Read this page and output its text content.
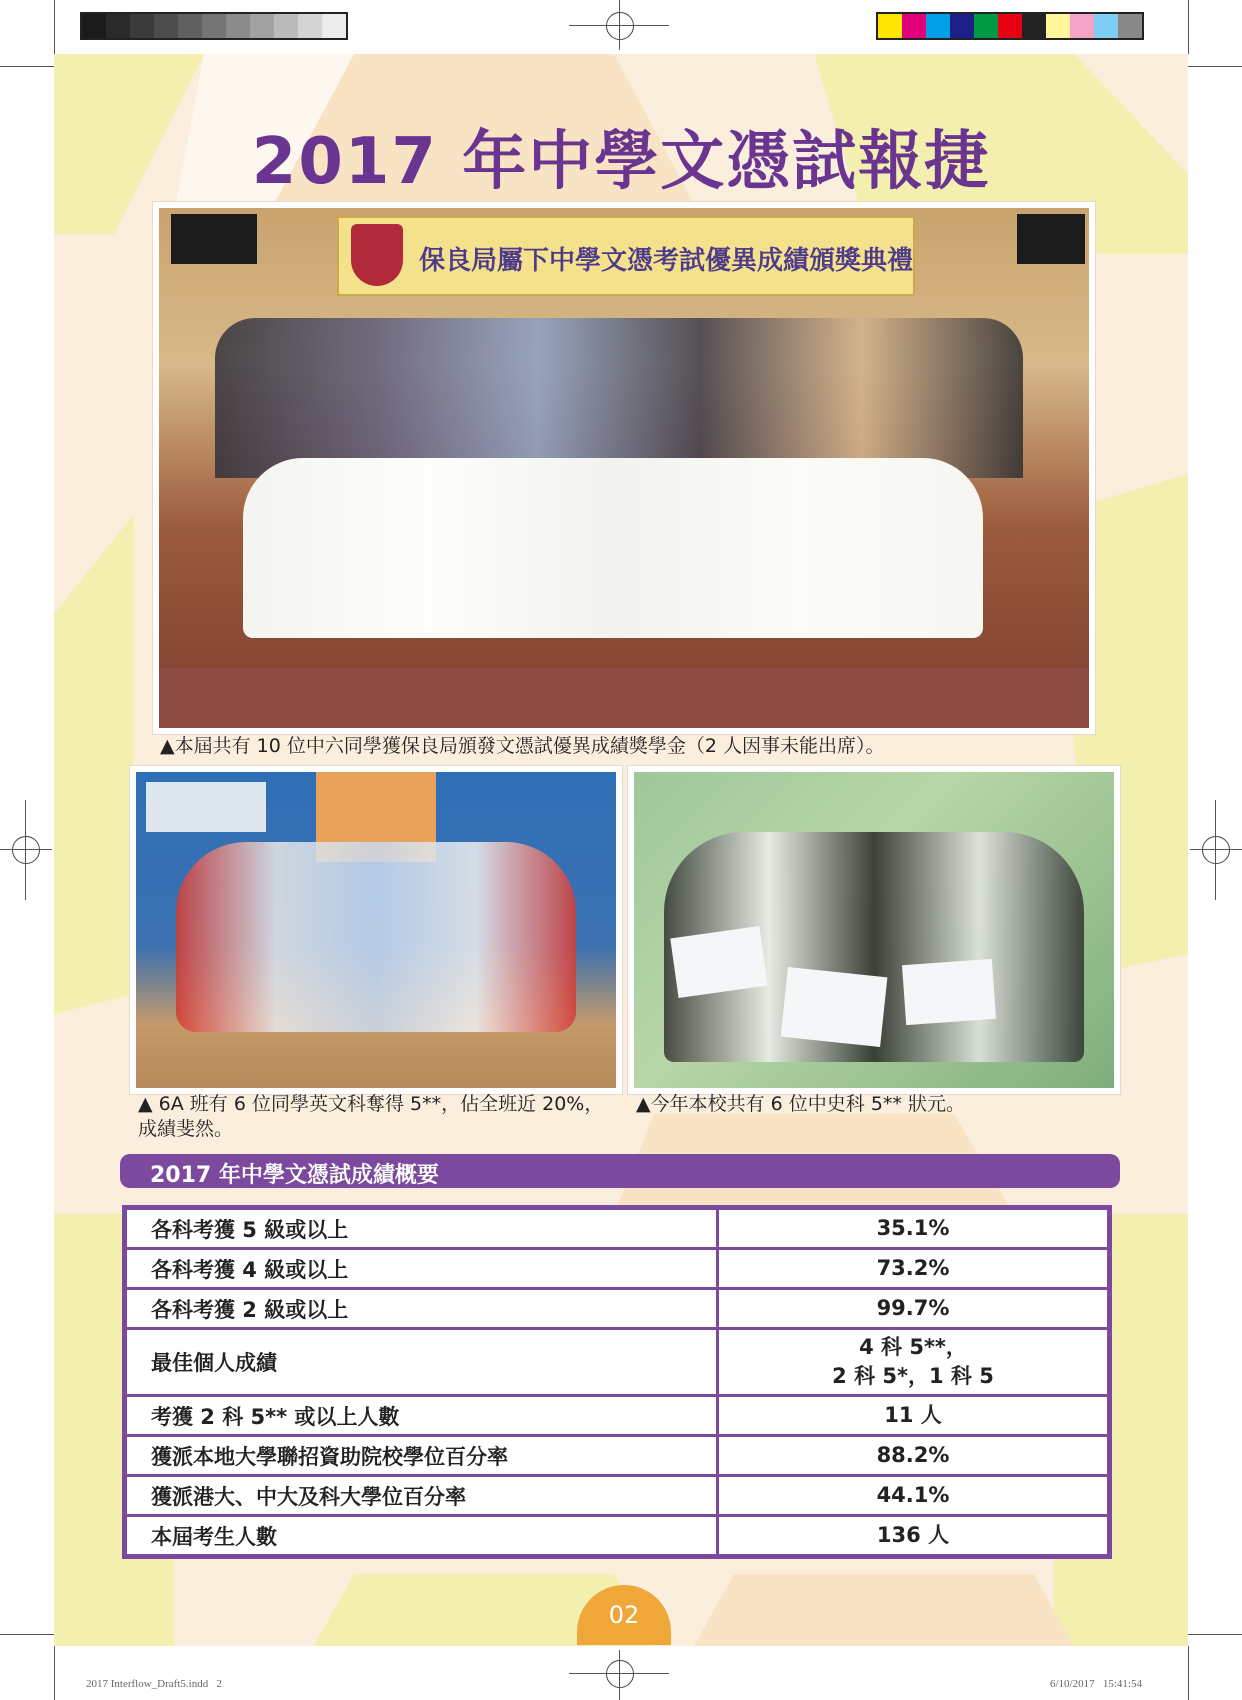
2017 年中學文憑試報捷
保良局屬下中學文憑考試優異成績頒獎典禮
▲本屆共有 10 位中六同學獲保良局頒發文憑試優異成績獎學金（2 人因事未能出席）。
▲ 6A 班有 6 位同學英文科奪得 5**，佔全班近 20%，成績斐然。
▲今年本校共有 6 位中史科 5** 狀元。
2017 年中學文憑試成績概要
各科考獲 5 級或以上	35.1%
各科考獲 4 級或以上	73.2%
各科考獲 2 級或以上	99.7%
最佳個人成績	4 科 5**，
2 科 5*，1 科 5
考獲 2 科 5** 或以上人數	11 人
獲派本地大學聯招資助院校學位百分率	88.2%
獲派港大、中大及科大學位百分率	44.1%
本屆考生人數	136 人
02
2017 Interflow_Draft5.indd   2	6/10/2017   15:41:54
